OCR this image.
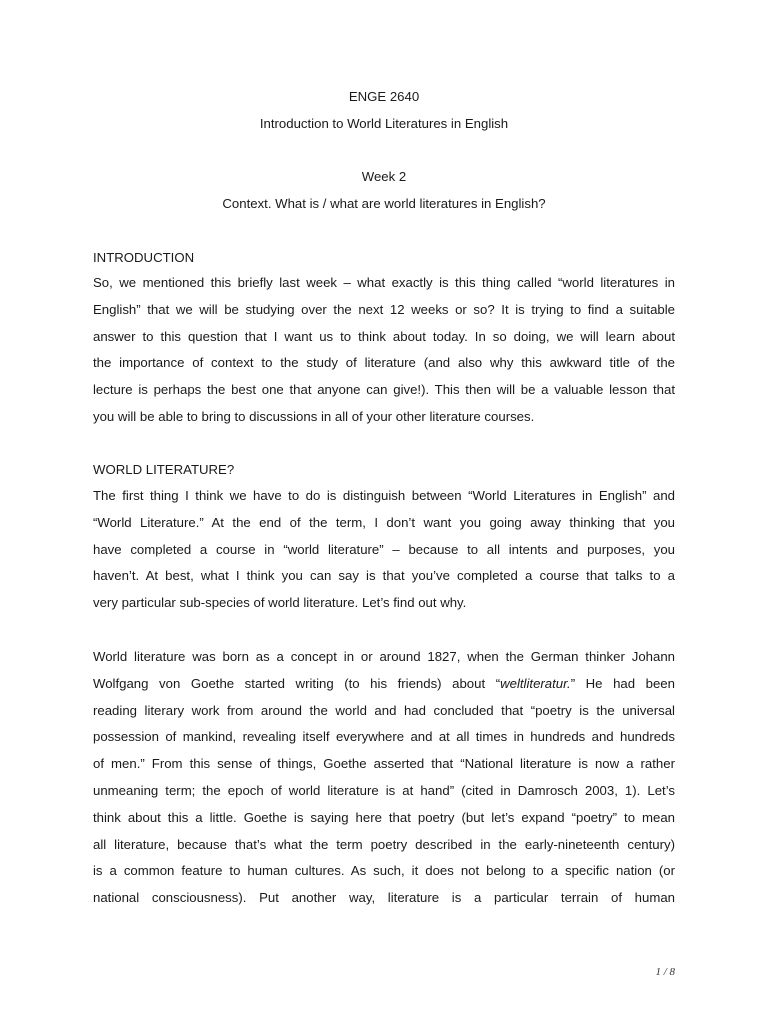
ENGE 2640
Introduction to World Literatures in English
Week 2
Context. What is / what are world literatures in English?
INTRODUCTION
So, we mentioned this briefly last week – what exactly is this thing called “world literatures in
English” that we will be studying over the next 12 weeks or so? It is trying to find a suitable
answer to this question that I want us to think about today. In so doing, we will learn about
the importance of context to the study of literature (and also why this awkward title of the
lecture is perhaps the best one that anyone can give!). This then will be a valuable lesson that
you will be able to bring to discussions in all of your other literature courses.
WORLD LITERATURE?
The first thing I think we have to do is distinguish between “World Literatures in English” and
“World Literature.” At the end of the term, I don’t want you going away thinking that you
have completed a course in “world literature” – because to all intents and purposes, you
haven’t. At best, what I think you can say is that you’ve completed a course that talks to a
very particular sub-species of world literature. Let’s find out why.
World literature was born as a concept in or around 1827, when the German thinker Johann
Wolfgang von Goethe started writing (to his friends) about “weltliteratur.” He had been
reading literary work from around the world and had concluded that “poetry is the universal
possession of mankind, revealing itself everywhere and at all times in hundreds and hundreds
of men.” From this sense of things, Goethe asserted that “National literature is now a rather
unmeaning term; the epoch of world literature is at hand” (cited in Damrosch 2003, 1). Let’s
think about this a little. Goethe is saying here that poetry (but let’s expand “poetry” to mean
all literature, because that’s what the term poetry described in the early-nineteenth century)
is a common feature to human cultures. As such, it does not belong to a specific nation (or
national consciousness). Put another way, literature is a particular terrain of human
1 / 8
